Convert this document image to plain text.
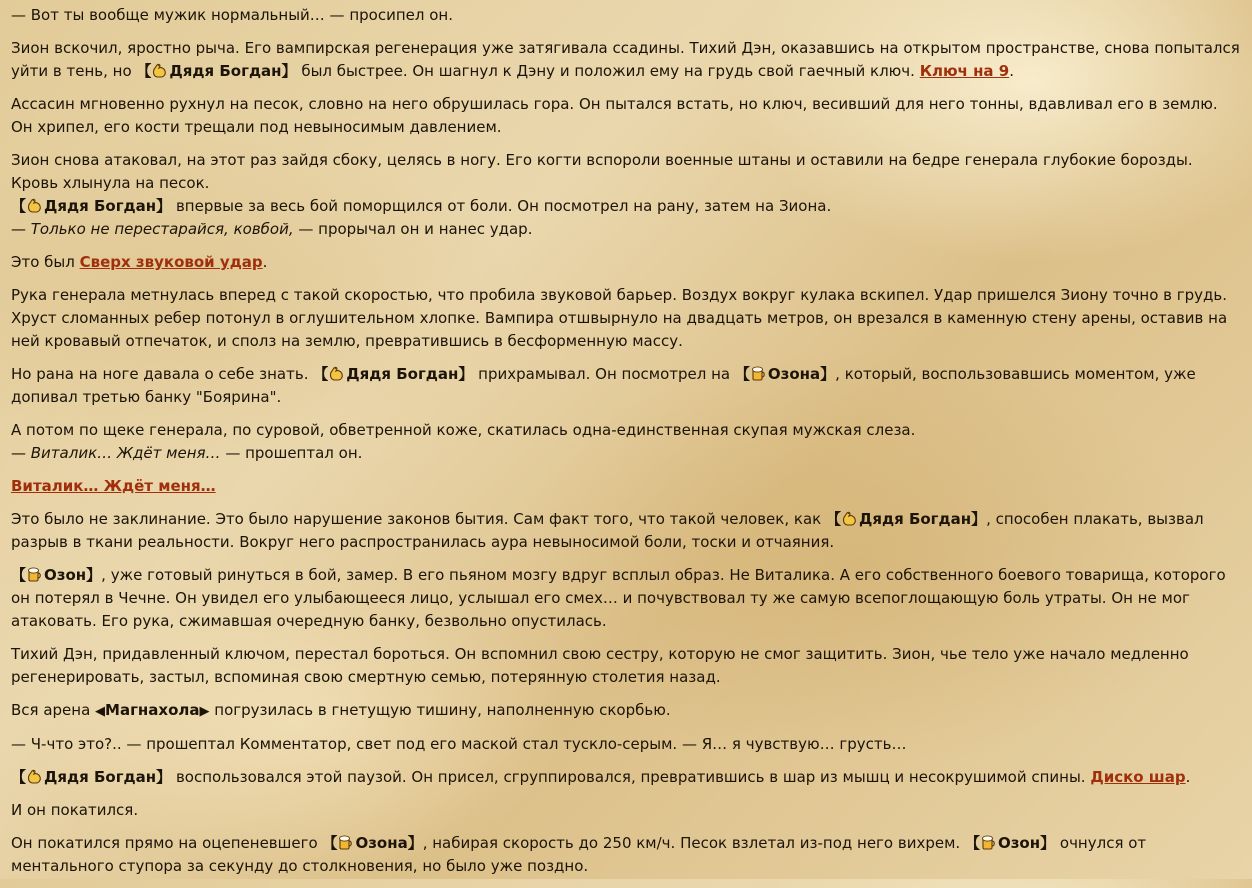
— Вот ты вообще мужик нормальный… — просипел он.

Зион вскочил, яростно рыча. Его вампирская регенерация уже затягивала ссадины. Тихий Дэн, оказавшись на открытом пространстве, снова попытался уйти в тень, но 【 Дядя Богдан】 был быстрее. Он шагнул к Дэну и положил ему на грудь свой гаечный ключ. Ключ на 9.

Ассасин мгновенно рухнул на песок, словно на него обрушилась гора. Он пытался встать, но ключ, весивший для него тонны, вдавливал его в землю. Он хрипел, его кости трещали под невыносимым давлением.

Зион снова атаковал, на этот раз зайдя сбоку, целясь в ногу. Его когти вспороли военные штаны и оставили на бедре генерала глубокие борозды. Кровь хлынула на песок.
【 Дядя Богдан】 впервые за весь бой поморщился от боли. Он посмотрел на рану, затем на Зиона.
— Только не перестарайся, ковбой, — прорычал он и нанес удар.

Это был Сверх звуковой удар.

Рука генерала метнулась вперед с такой скоростью, что пробила звуковой барьер. Воздух вокруг кулака вскипел. Удар пришелся Зиону точно в грудь. Хруст сломанных ребер потонул в оглушительном хлопке. Вампира отшвырнуло на двадцать метров, он врезался в каменную стену арены, оставив на ней кровавый отпечаток, и сполз на землю, превратившись в бесформенную массу.

Но рана на ноге давала о себе знать. 【 Дядя Богдан】 прихрамывал. Он посмотрел на 【 Озона】, который, воспользовавшись моментом, уже допивал третью банку "Боярина".

А потом по щеке генерала, по суровой, обветренной коже, скатилась одна-единственная скупая мужская слеза.
— Виталик… Ждёт меня… — прошептал он.

Виталик… Ждёт меня…

Это было не заклинание. Это было нарушение законов бытия. Сам факт того, что такой человек, как 【 Дядя Богдан】, способен плакать, вызвал разрыв в ткани реальности. Вокруг него распространилась аура невыносимой боли, тоски и отчаяния.

【 Озон】, уже готовый ринуться в бой, замер. В его пьяном мозгу вдруг всплыл образ. Не Виталика. А его собственного боевого товарища, которого он потерял в Чечне. Он увидел его улыбающееся лицо, услышал его смех… и почувствовал ту же самую всепоглощающую боль утраты. Он не мог атаковать. Его рука, сжимавшая очередную банку, безвольно опустилась.

Тихий Дэн, придавленный ключом, перестал бороться. Он вспомнил свою сестру, которую не смог защитить. Зион, чье тело уже начало медленно регенерировать, застыл, вспоминая свою смертную семью, потерянную столетия назад.

Вся арена ◀Магнахола▶ погрузилась в гнетущую тишину, наполненную скорбью.

— Ч-что это?.. — прошептал Комментатор, свет под его маской стал тускло-серым. — Я… я чувствую… грусть…

【 Дядя Богдан】 воспользовался этой паузой. Он присел, сгруппировался, превратившись в шар из мышц и несокрушимой спины. Диско шар.

И он покатился.

Он покатился прямо на оцепеневшего 【 Озона】, набирая скорость до 250 км/ч. Песок взлетал из-под него вихрем. 【 Озон】 очнулся от ментального ступора за секунду до столкновения, но было уже поздно.
